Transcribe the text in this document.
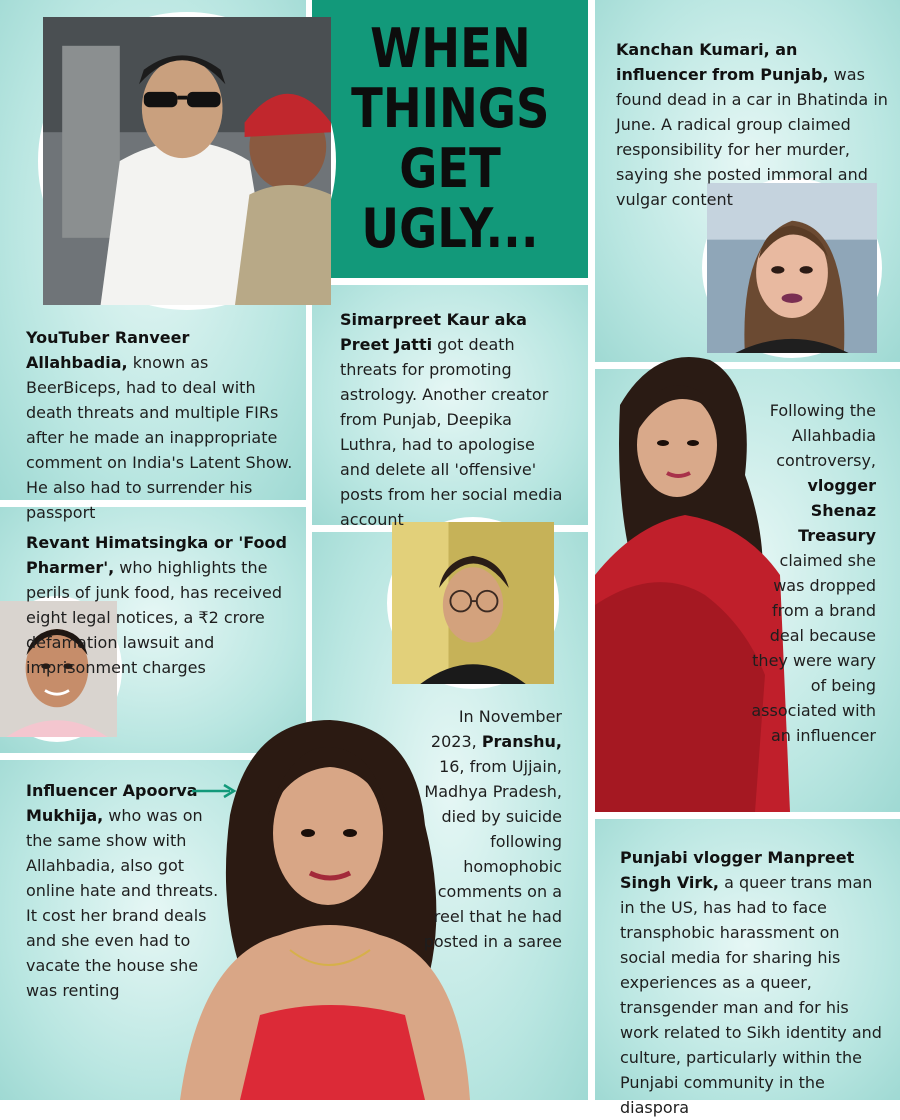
WHEN
THINGS
GET
UGLY...
YouTuber Ranveer Allahbadia, known as BeerBiceps, had to deal with death threats and multiple FIRs after he made an inappropriate comment on India's Latent Show. He also had to surrender his passport
Simarpreet Kaur aka Preet Jatti got death threats for promoting astrology. Another creator from Punjab, Deepika Luthra, had to apologise and delete all 'offensive' posts from her social media account
Kanchan Kumari, an influencer from Punjab, was found dead in a car in Bhatinda in June. A radical group claimed responsibility for her murder, saying she posted immoral and vulgar content
Revant Himatsingka or 'Food Pharmer', who highlights the perils of junk food, has received eight legal notices, a ₹2 crore defamation lawsuit and imprisonment charges
In November 2023, Pranshu, 16, from Ujjain, Madhya Pradesh, died by suicide following homophobic comments on a reel that he had posted in a saree
Following the Allahbadia controversy, vlogger Shenaz Treasury claimed she was dropped from a brand deal because they were wary of being associated with an influencer
Influencer Apoorva Mukhija, who was on the same show with Allahbadia, also got online hate and threats. It cost her brand deals and she even had to vacate the house she was renting
Punjabi vlogger Manpreet Singh Virk, a queer trans man in the US, has had to face transphobic harassment on social media for sharing his experiences as a queer, transgender man and for his work related to Sikh identity and culture, particularly within the Punjabi community in the diaspora
